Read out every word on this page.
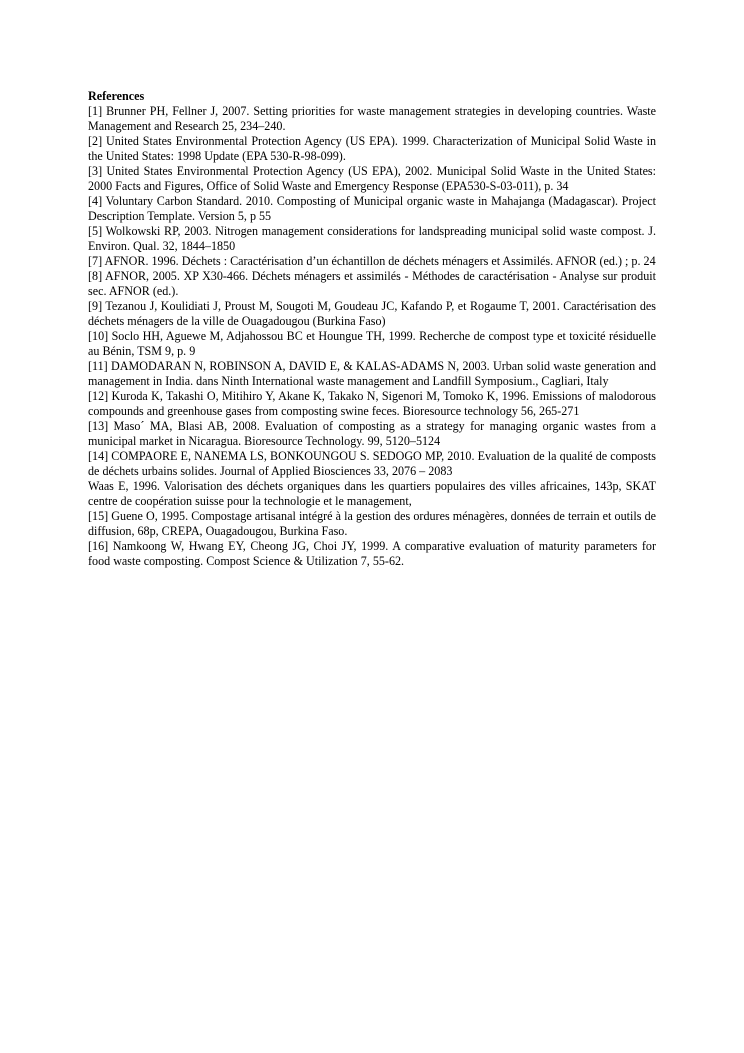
References

[1] Brunner PH, Fellner J, 2007. Setting priorities for waste management strategies in developing countries. Waste Management and Research 25, 234–240.

[2] United States Environmental Protection Agency (US EPA). 1999. Characterization of Municipal Solid Waste in the United States: 1998 Update (EPA 530-R-98-099).

[3] United States Environmental Protection Agency (US EPA), 2002. Municipal Solid Waste in the United States: 2000 Facts and Figures, Office of Solid Waste and Emergency Response (EPA530-S-03-011), p. 34

[4] Voluntary Carbon Standard. 2010. Composting of Municipal organic waste in Mahajanga (Madagascar). Project Description Template. Version 5, p 55

[5] Wolkowski RP, 2003. Nitrogen management considerations for landspreading municipal solid waste compost. J. Environ. Qual. 32, 1844–1850

[7] AFNOR. 1996. Déchets : Caractérisation d’un échantillon de déchets ménagers et Assimilés. AFNOR (ed.) ; p. 24

[8] AFNOR, 2005. XP X30-466. Déchets ménagers et assimilés - Méthodes de caractérisation - Analyse sur produit sec. AFNOR (ed.).

[9] Tezanou J, Koulidiati J, Proust M, Sougoti M, Goudeau JC, Kafando P, et Rogaume T, 2001. Caractérisation des déchets ménagers de la ville de Ouagadougou (Burkina Faso)

[10] Soclo HH, Aguewe M, Adjahossou BC et Houngue TH, 1999. Recherche de compost type et toxicité résiduelle au Bénin, TSM 9, p. 9

[11] DAMODARAN N, ROBINSON A, DAVID E, & KALAS-ADAMS N, 2003. Urban solid waste generation and management in India. dans Ninth International waste management and Landfill Symposium., Cagliari, Italy

[12] Kuroda K, Takashi O, Mitihiro Y, Akane K, Takako N, Sigenori M, Tomoko K, 1996. Emissions of malodorous compounds and greenhouse gases from composting swine feces. Bioresource technology 56, 265-271

[13] Maso´ MA, Blasi AB, 2008. Evaluation of composting as a strategy for managing organic wastes from a municipal market in Nicaragua. Bioresource Technology. 99, 5120–5124

[14] COMPAORE E, NANEMA LS, BONKOUNGOU S. SEDOGO MP, 2010. Evaluation de la qualité de composts de déchets urbains solides. Journal of Applied Biosciences 33, 2076 – 2083

Waas E, 1996. Valorisation des déchets organiques dans les quartiers populaires des villes africaines, 143p, SKAT centre de coopération suisse pour la technologie et le management,

[15] Guene O, 1995. Compostage artisanal intégré à la gestion des ordures ménagères, données de terrain et outils de diffusion, 68p, CREPA, Ouagadougou, Burkina Faso.

[16] Namkoong W, Hwang EY, Cheong JG, Choi JY, 1999. A comparative evaluation of maturity parameters for food waste composting. Compost Science & Utilization 7, 55-62.
